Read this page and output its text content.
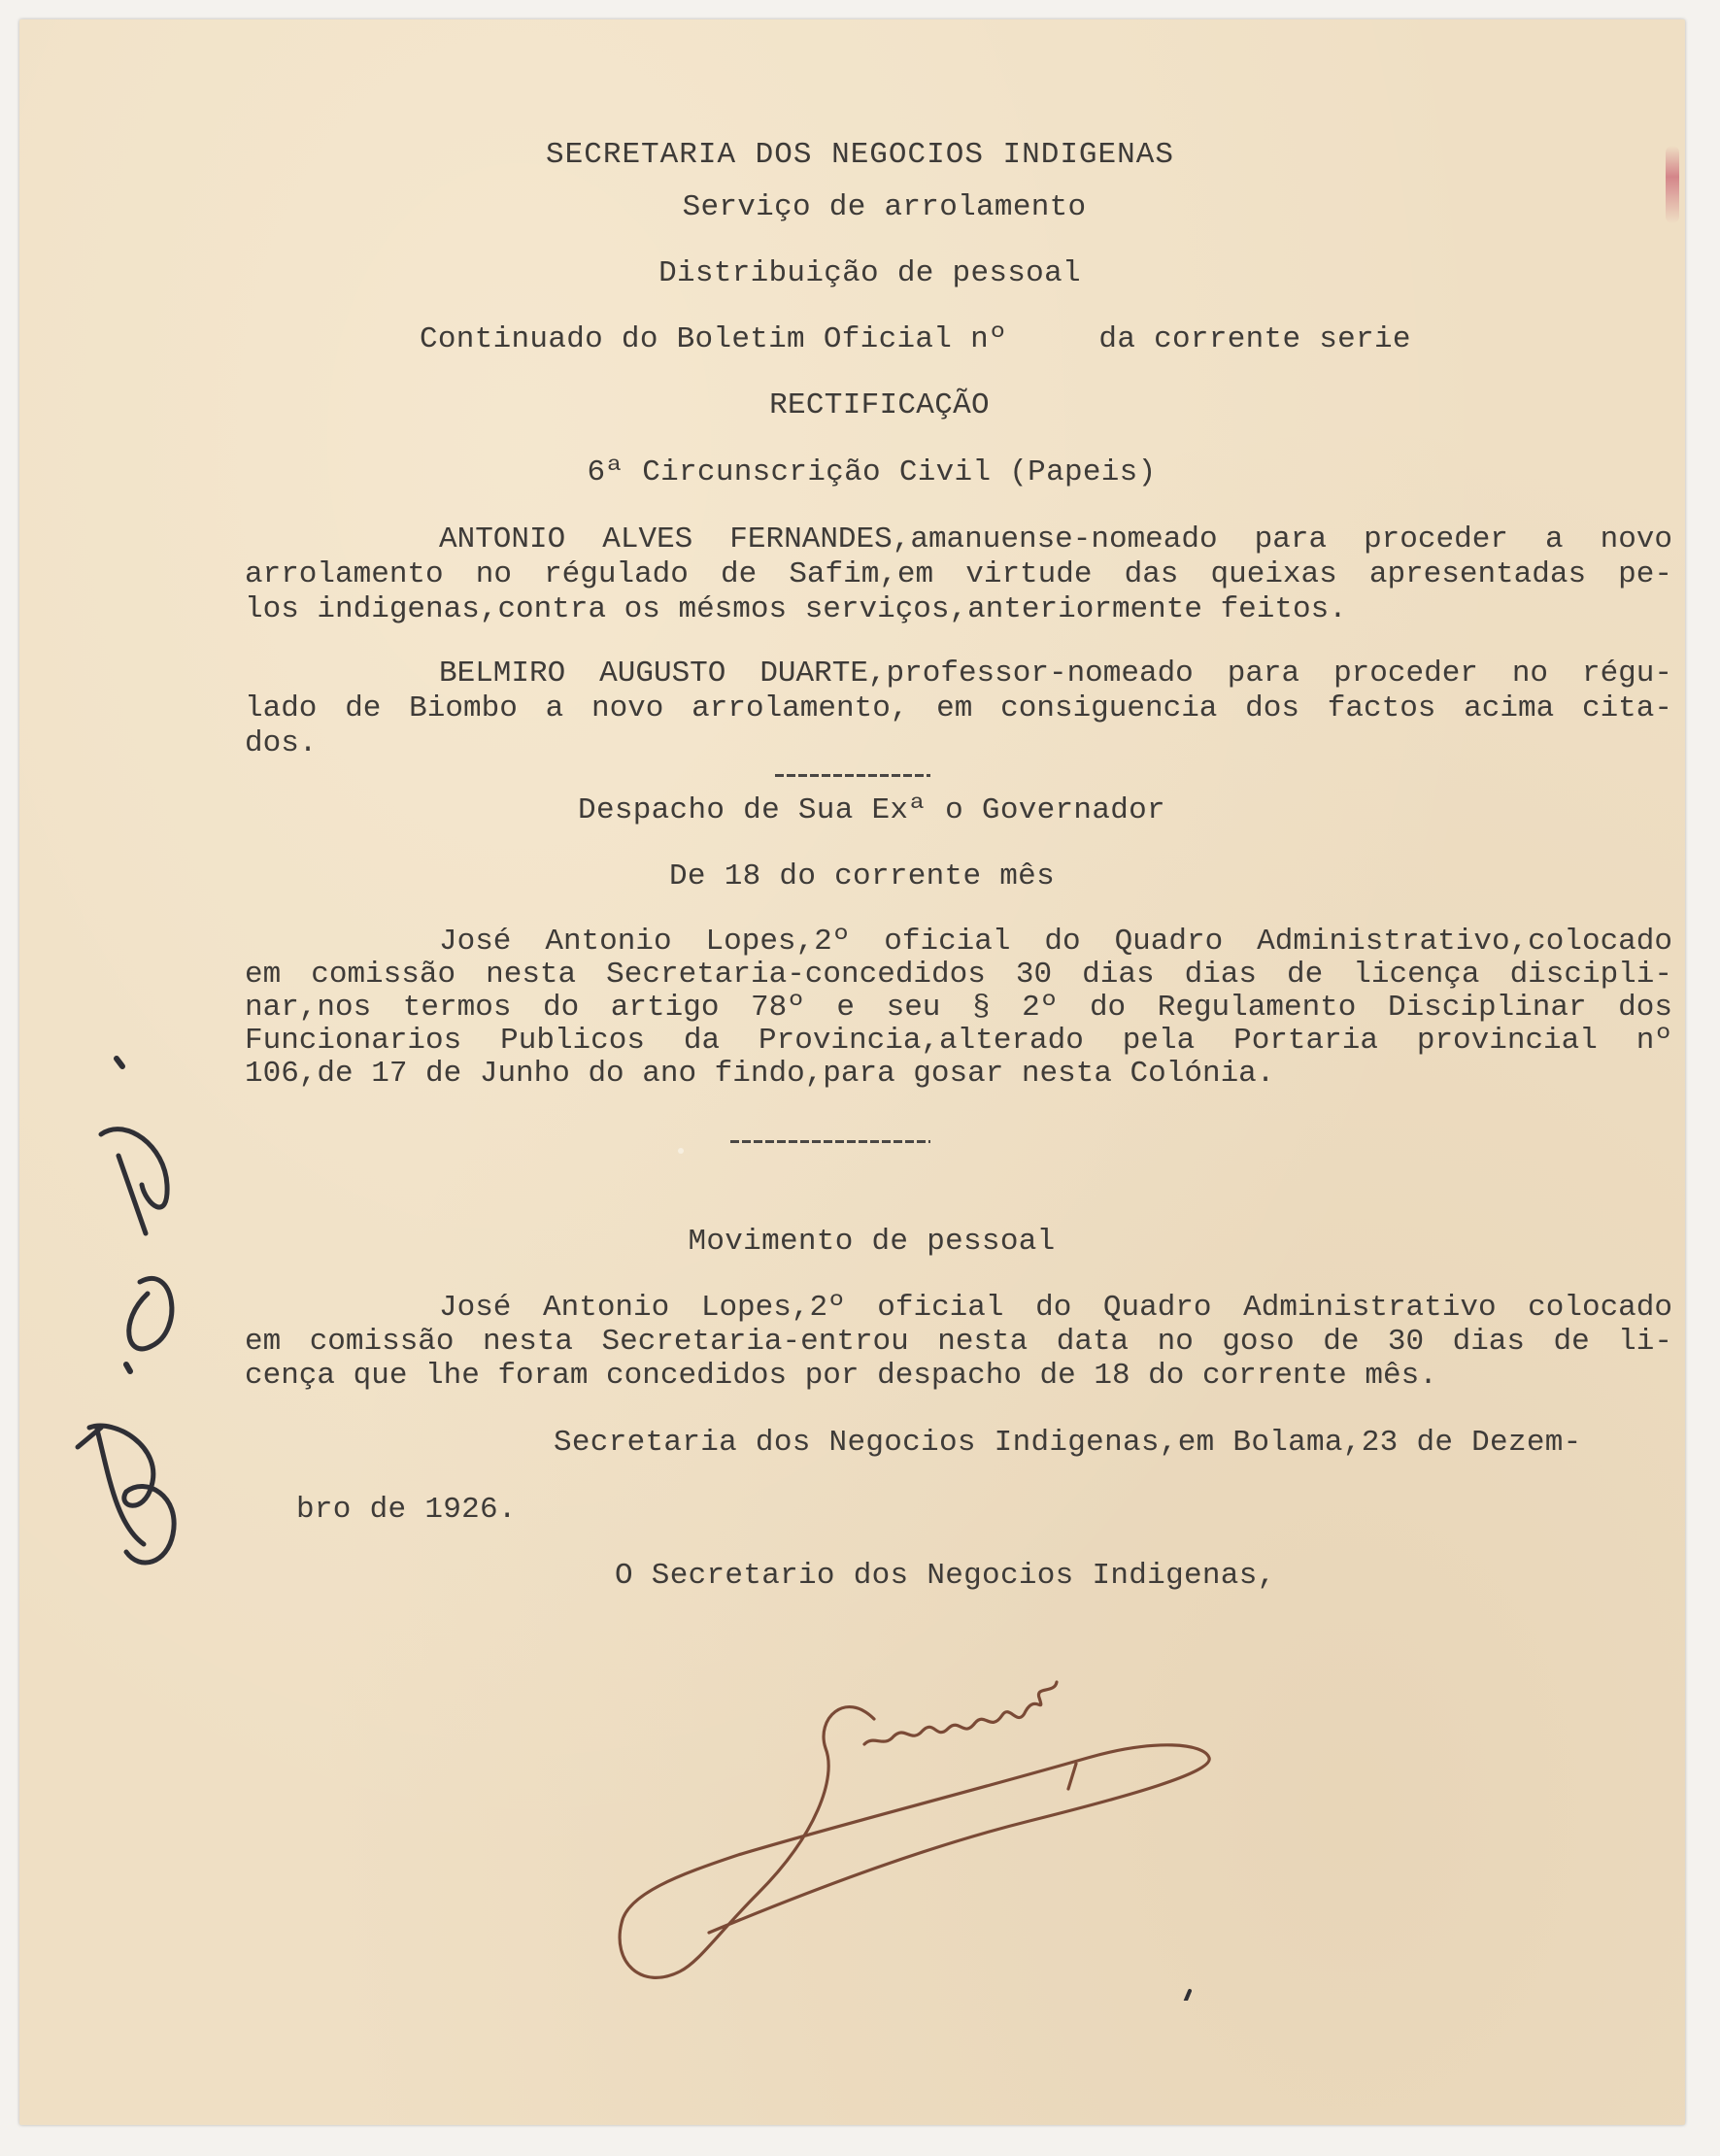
SECRETARIA DOS NEGOCIOS INDIGENAS
Serviço de arrolamento
Distribuição de pessoal
Continuado do Boletim Oficial nº     da corrente serie
RECTIFICAÇÃO
6ª Circunscrição Civil (Papeis)
ANTONIO ALVES FERNANDES,amanuense-nomeado para proceder a novo
arrolamento no régulado de Safim,em virtude das queixas apresentadas pe-
los indigenas,contra os mésmos serviços,anteriormente feitos.
BELMIRO AUGUSTO DUARTE,professor-nomeado para proceder no régu-
lado de Biombo a novo arrolamento, em consiguencia dos factos acima cita-
dos.
Despacho de Sua Exª o Governador
De 18 do corrente mês
José Antonio Lopes,2º oficial do Quadro Administrativo,colocado
em comissão nesta Secretaria-concedidos 30 dias dias de licença discipli-
nar,nos termos do artigo 78º e seu § 2º do Regulamento Disciplinar dos
Funcionarios Publicos da Provincia,alterado pela Portaria provincial nº
106,de 17 de Junho do ano findo,para gosar nesta Colónia.
Movimento de pessoal
José Antonio Lopes,2º oficial do Quadro Administrativo colocado
em comissão nesta Secretaria-entrou nesta data no goso de 30 dias de li-
cença que lhe foram concedidos por despacho de 18 do corrente mês.
Secretaria dos Negocios Indigenas,em Bolama,23 de Dezem-
bro de 1926.
O Secretario dos Negocios Indigenas,
